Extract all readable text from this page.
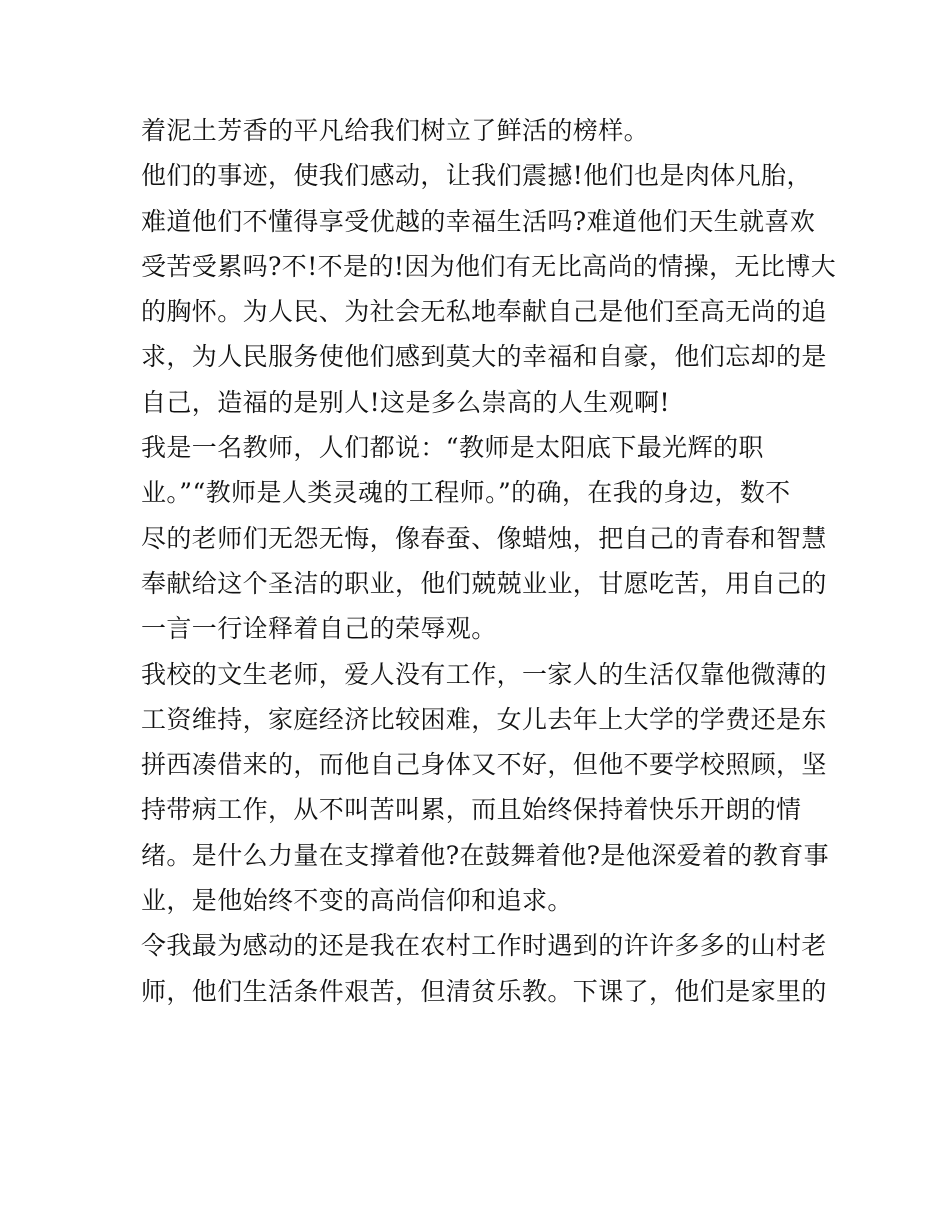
着泥土芳香的平凡给我们树立了鲜活的榜样。
他们的事迹，使我们感动，让我们震撼!他们也是肉体凡胎，
难道他们不懂得享受优越的幸福生活吗?难道他们天生就喜欢
受苦受累吗?不!不是的!因为他们有无比高尚的情操，无比博大
的胸怀。为人民、为社会无私地奉献自己是他们至高无尚的追
求，为人民服务使他们感到莫大的幸福和自豪，他们忘却的是
自己，造福的是别人!这是多么崇高的人生观啊!
我是一名教师，人们都说：“教师是太阳底下最光辉的职
业。”“教师是人类灵魂的工程师。”的确，在我的身边，数不
尽的老师们无怨无悔，像春蚕、像蜡烛，把自己的青春和智慧
奉献给这个圣洁的职业，他们兢兢业业，甘愿吃苦，用自己的
一言一行诠释着自己的荣辱观。
我校的文生老师，爱人没有工作，一家人的生活仅靠他微薄的
工资维持，家庭经济比较困难，女儿去年上大学的学费还是东
拼西凑借来的，而他自己身体又不好，但他不要学校照顾，坚
持带病工作，从不叫苦叫累，而且始终保持着快乐开朗的情
绪。是什么力量在支撑着他?在鼓舞着他?是他深爱着的教育事
业，是他始终不变的高尚信仰和追求。
令我最为感动的还是我在农村工作时遇到的许许多多的山村老
师，他们生活条件艰苦，但清贫乐教。下课了，他们是家里的
